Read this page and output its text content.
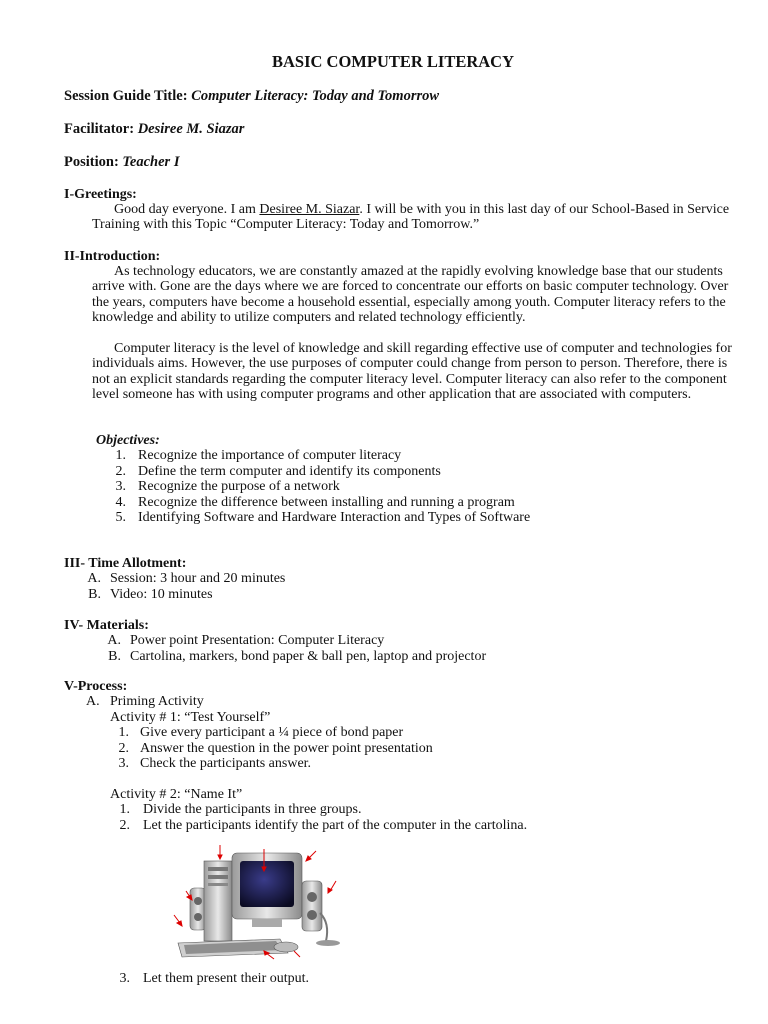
BASIC COMPUTER LITERACY
Session Guide Title: Computer Literacy: Today and Tomorrow
Facilitator: Desiree M. Siazar
Position: Teacher I
I-Greetings:
Good day everyone. I am Desiree M. Siazar. I will be with you in this last day of our School-Based in Service Training with this Topic “Computer Literacy: Today and Tomorrow.”
II-Introduction:
As technology educators, we are constantly amazed at the rapidly evolving knowledge base that our students arrive with. Gone are the days where we are forced to concentrate our efforts on basic computer technology. Over the years, computers have become a household essential, especially among youth. Computer literacy refers to the knowledge and ability to utilize computers and related technology efficiently.
Computer literacy is the level of knowledge and skill regarding effective use of computer and technologies for individuals aims. However, the use purposes of computer could change from person to person. Therefore, there is not an explicit standards regarding the computer literacy level. Computer literacy can also refer to the component level someone has with using computer programs and other application that are associated with computers.
Objectives:
1. Recognize the importance of computer literacy
2. Define the term computer and identify its components
3. Recognize the purpose of a network
4. Recognize the difference between installing and running a program
5. Identifying Software and Hardware Interaction and Types of Software
III- Time Allotment:
A. Session: 3 hour and 20 minutes
B. Video: 10 minutes
IV- Materials:
A. Power point Presentation: Computer Literacy
B. Cartolina, markers, bond paper & ball pen, laptop and projector
V-Process:
A. Priming Activity
Activity # 1: “Test Yourself”
1. Give every participant a ¼ piece of bond paper
2. Answer the question in the power point presentation
3. Check the participants answer.
Activity # 2: “Name It”
1. Divide the participants in three groups.
2. Let the participants identify the part of the computer in the cartolina.
3. Let them present their output.
